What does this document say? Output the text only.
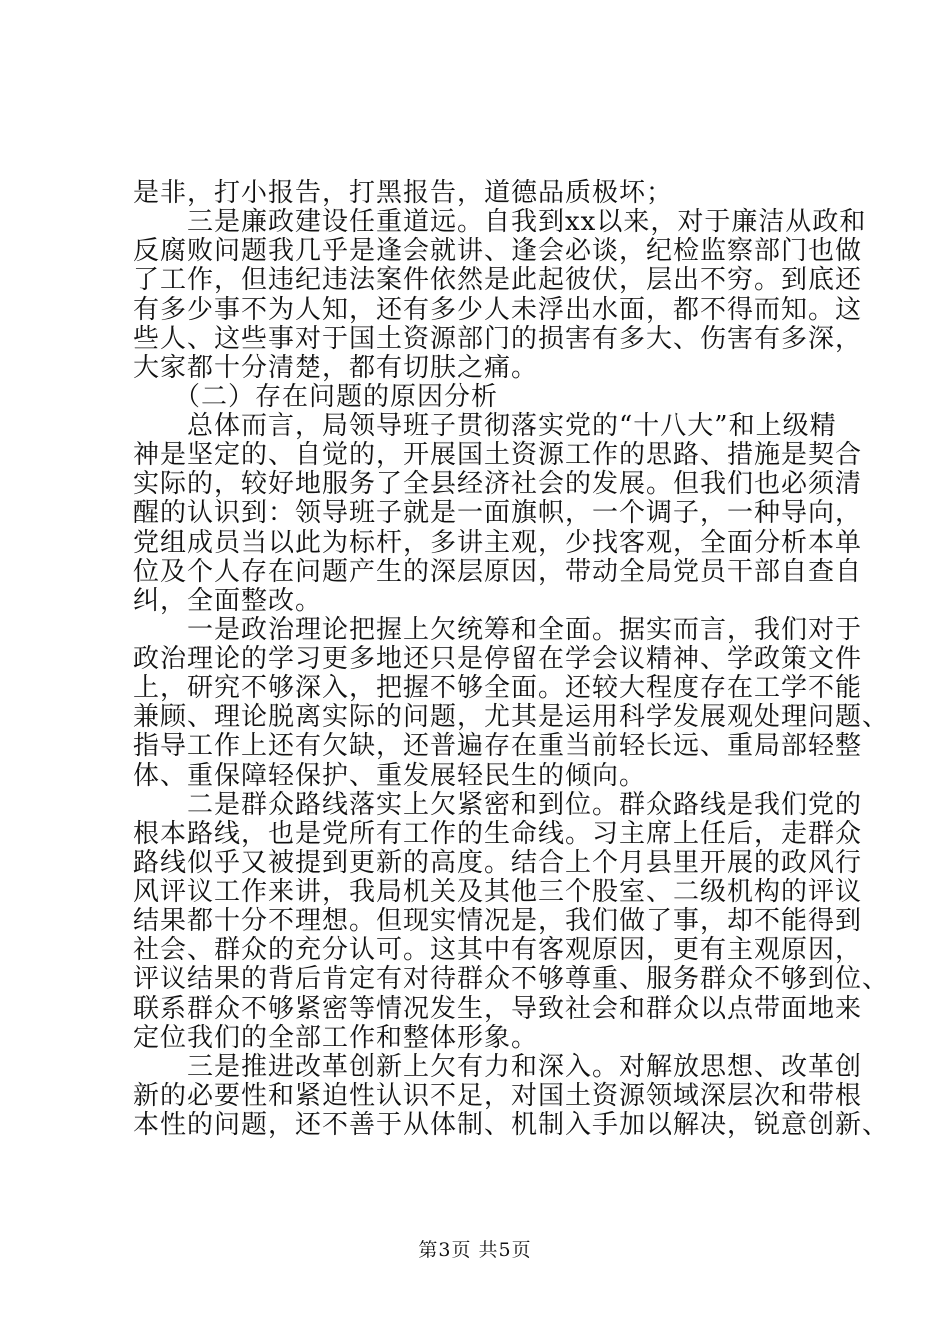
是非，打小报告，打黑报告，道德品质极坏；
　　三是廉政建设任重道远。自我到xx以来，对于廉洁从政和
反腐败问题我几乎是逢会就讲、逢会必谈，纪检监察部门也做
了工作，但违纪违法案件依然是此起彼伏，层出不穷。到底还
有多少事不为人知，还有多少人未浮出水面，都不得而知。这
些人、这些事对于国土资源部门的损害有多大、伤害有多深，
大家都十分清楚，都有切肤之痛。
　　（二）存在问题的原因分析
　　总体而言，局领导班子贯彻落实党的“十八大”和上级精
神是坚定的、自觉的，开展国土资源工作的思路、措施是契合
实际的，较好地服务了全县经济社会的发展。但我们也必须清
醒的认识到：领导班子就是一面旗帜，一个调子，一种导向，
党组成员当以此为标杆，多讲主观，少找客观，全面分析本单
位及个人存在问题产生的深层原因，带动全局党员干部自查自
纠，全面整改。
　　一是政治理论把握上欠统筹和全面。据实而言，我们对于
政治理论的学习更多地还只是停留在学会议精神、学政策文件
上，研究不够深入，把握不够全面。还较大程度存在工学不能
兼顾、理论脱离实际的问题，尤其是运用科学发展观处理问题、
指导工作上还有欠缺，还普遍存在重当前轻长远、重局部轻整
体、重保障轻保护、重发展轻民生的倾向。
　　二是群众路线落实上欠紧密和到位。群众路线是我们党的
根本路线，也是党所有工作的生命线。习主席上任后，走群众
路线似乎又被提到更新的高度。结合上个月县里开展的政风行
风评议工作来讲，我局机关及其他三个股室、二级机构的评议
结果都十分不理想。但现实情况是，我们做了事，却不能得到
社会、群众的充分认可。这其中有客观原因，更有主观原因，
评议结果的背后肯定有对待群众不够尊重、服务群众不够到位、
联系群众不够紧密等情况发生，导致社会和群众以点带面地来
定位我们的全部工作和整体形象。
　　三是推进改革创新上欠有力和深入。对解放思想、改革创
新的必要性和紧迫性认识不足，对国土资源领域深层次和带根
本性的问题，还不善于从体制、机制入手加以解决，锐意创新、
第3页 共5页
